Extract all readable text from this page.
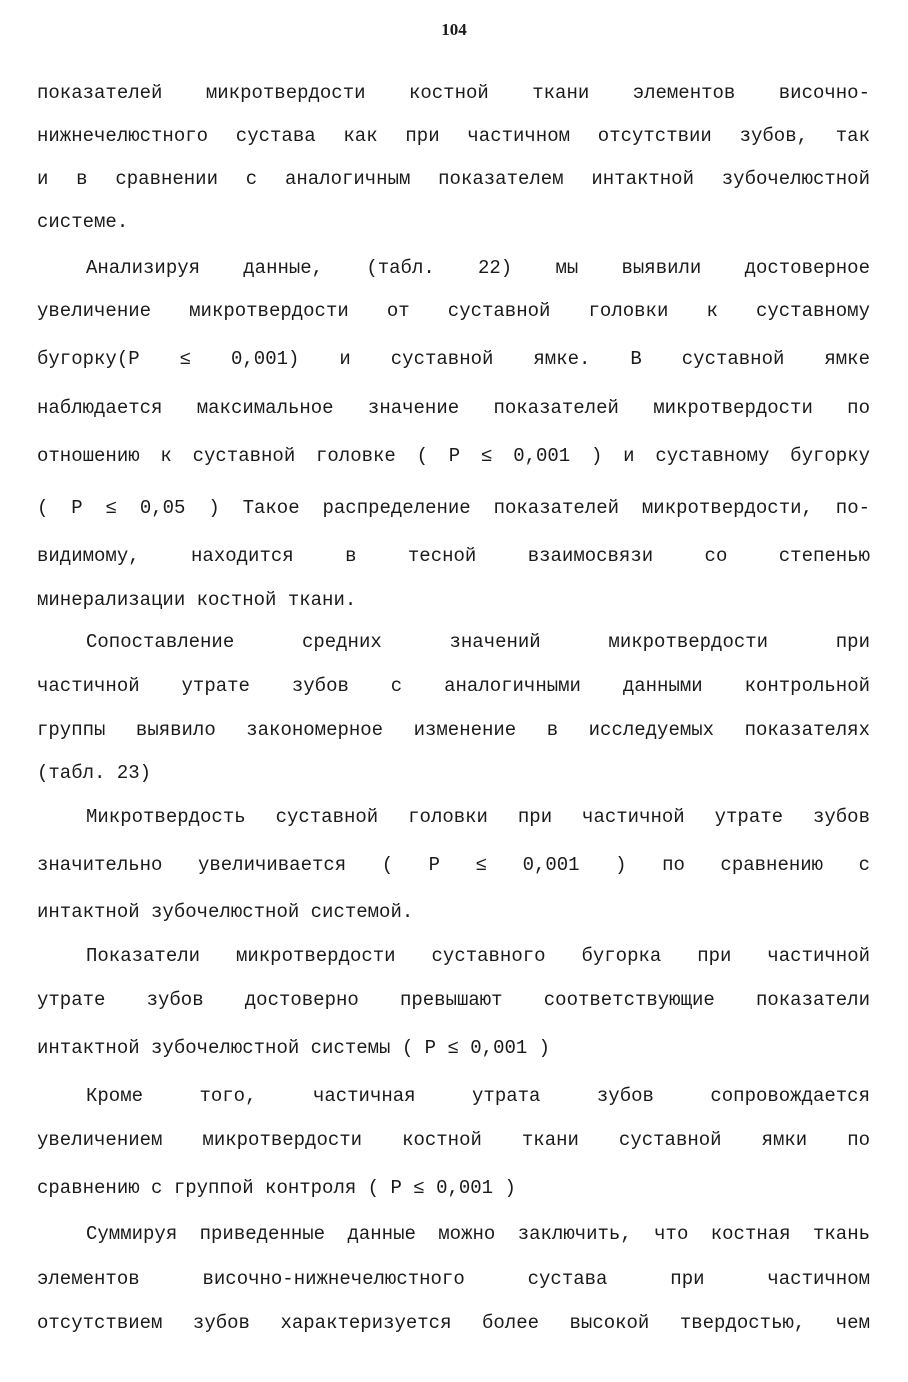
104
показателей микротвердости костной ткани элементов височно-
нижнечелюстного сустава как при частичном отсутствии зубов, так
и в сравнении с аналогичным показателем интактной зубочелюстной
системе.
Анализируя данные, (табл. 22) мы выявили достоверное
увеличение микротвердости от суставной головки к суставному
бугорку(Р ≤ 0,001) и суставной ямке. В суставной ямке
наблюдается максимальное значение показателей микротвердости по
отношению к суставной головке ( Р ≤ 0,001 ) и суставному бугорку
( Р ≤ 0,05 ) Такое распределение показателей микротвердости, по-
видимому, находится в тесной взаимосвязи со степенью
минерализации костной ткани.
Сопоставление средних значений микротвердости при
частичной утрате зубов с аналогичными данными контрольной
группы выявило закономерное изменение в исследуемых показателях
(табл. 23)
Микротвердость суставной головки при частичной утрате зубов
значительно увеличивается ( Р ≤ 0,001 ) по сравнению с
интактной зубочелюстной системой.
Показатели микротвердости суставного бугорка при частичной
утрате зубов достоверно превышают соответствующие показатели
интактной зубочелюстной системы ( Р ≤ 0,001 )
Кроме того, частичная утрата зубов сопровождается
увеличением микротвердости костной ткани суставной ямки по
сравнению с группой контроля ( Р ≤ 0,001 )
Суммируя приведенные данные можно заключить, что костная ткань
элементов височно-нижнечелюстного сустава при частичном
отсутствием зубов характеризуется более высокой твердостью, чем
